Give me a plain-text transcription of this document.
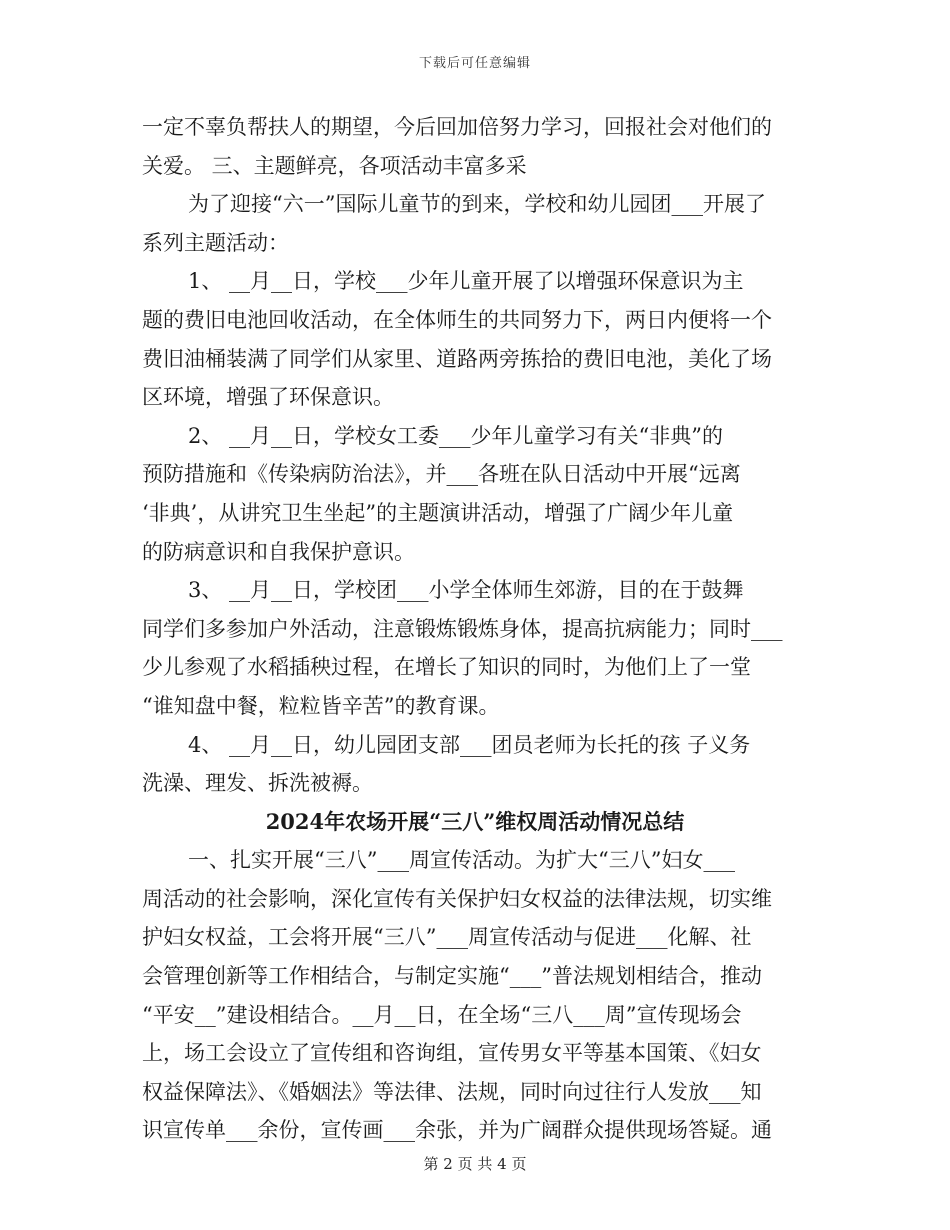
下载后可任意编辑
一定不辜负帮扶人的期望，今后回加倍努力学习，回报社会对他们的
关爱。 三、主题鲜亮，各项活动丰富多采
为了迎接“六一”国际儿童节的到来，学校和幼儿园团___开展了
系列主题活动：
1、 __月__日，学校___少年儿童开展了以增强环保意识为主
题的费旧电池回收活动，在全体师生的共同努力下，两日内便将一个
费旧油桶装满了同学们从家里、道路两旁拣拾的费旧电池，美化了场
区环境，增强了环保意识。
2、 __月__日，学校女工委___少年儿童学习有关“非典”的
预防措施和《传染病防治法》，并___各班在队日活动中开展“远离
‘非典’，从讲究卫生坐起”的主题演讲活动，增强了广阔少年儿童
的防病意识和自我保护意识。
3、 __月__日，学校团___小学全体师生郊游，目的在于鼓舞
同学们多参加户外活动，注意锻炼锻炼身体，提高抗病能力；同时___
少儿参观了水稻插秧过程，在增长了知识的同时，为他们上了一堂
“谁知盘中餐，粒粒皆辛苦”的教育课。
4、 __月__日，幼儿园团支部___团员老师为长托的孩 子义务
洗澡、理发、拆洗被褥。
2024年农场开展“三八”维权周活动情况总结
一、扎实开展“三八”___周宣传活动。为扩大“三八”妇女___
周活动的社会影响，深化宣传有关保护妇女权益的法律法规，切实维
护妇女权益，工会将开展“三八”___周宣传活动与促进___化解、社
会管理创新等工作相结合，与制定实施“___”普法规划相结合，推动
“平安__”建设相结合。__月__日，在全场“三八___周”宣传现场会
上，场工会设立了宣传组和咨询组，宣传男女平等基本国策、《妇女
权益保障法》、《婚姻法》等法律、法规，同时向过往行人发放___知
识宣传单___余份，宣传画___余张，并为广阔群众提供现场答疑。通
第 2 页 共 4 页
